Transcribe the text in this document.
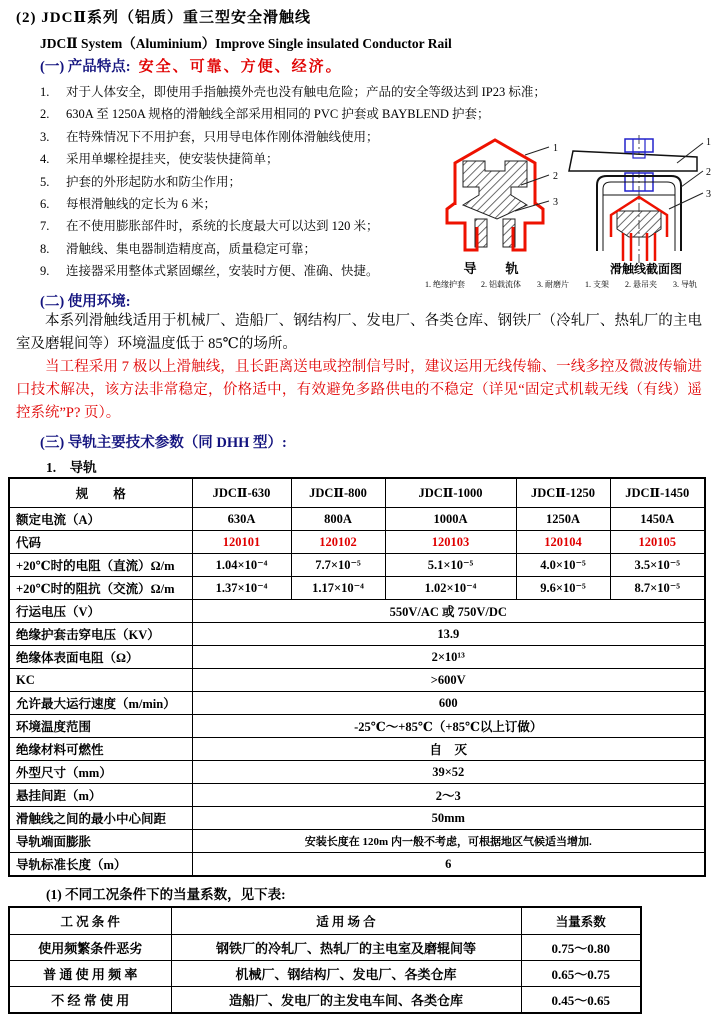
(2) JDCⅡ系列（铝质）重三型安全滑触线
JDCⅡ System（Aluminium）Improve Single insulated Conductor Rail
(一) 产品特点: 安全、可靠、方便、经济。
1.	对于人体安全，即使用手指触摸外壳也没有触电危险；产品的安全等级达到 IP23 标准；
2.	630A 至 1250A 规格的滑触线全部采用相同的 PVC 护套或 BAYBLEND 护套；
3.	在特殊情况下不用护套，只用导电体作刚体滑触线使用；
4.	采用单螺栓提挂夹，使安装快捷简单；
5.	护套的外形起防水和防尘作用；
6.	每根滑触线的定长为 6 米；
7.	在不使用膨胀部件时，系统的长度最大可以达到 120 米；
8.	滑触线、集电器制造精度高，质量稳定可靠；
9.	连接器采用整体式紧固螺丝，安装时方便、准确、快捷。
1
2
3
1
2
3
导　轨	滑触线截面图
1. 绝缘护套　　2. 铝载流体　　3. 耐磨片 1. 支架　　2. 悬吊夹　　3. 导轨
(二) 使用环境:
本系列滑触线适用于机械厂、造船厂、钢结构厂、发电厂、各类仓库、钢铁厂（冷轧厂、热轧厂的主电室及磨辊间等）环境温度低于 85℃的场所。
当工程采用 7 极以上滑触线，且长距离送电或控制信号时，建议运用无线传输、一线多控及微波传输进口技术解决，该方法非常稳定，价格适中，有效避免多路供电的不稳定（详见“固定式机载无线（有线）遥控系统”P? 页）。
(三) 导轨主要技术参数（同 DHH 型）:
1.　导轨
规　　格	JDCⅡ-630	JDCⅡ-800	JDCⅡ-1000	JDCⅡ-1250	JDCⅡ-1450
额定电流（A）	630A	800A	1000A	1250A	1450A
代码	120101	120102	120103	120104	120105
+20℃时的电阻（直流）Ω/m	1.04×10⁻⁴	7.7×10⁻⁵	5.1×10⁻⁵	4.0×10⁻⁵	3.5×10⁻⁵
+20℃时的阻抗（交流）Ω/m	1.37×10⁻⁴	1.17×10⁻⁴	1.02×10⁻⁴	9.6×10⁻⁵	8.7×10⁻⁵
行运电压（V）	550V/AC 或 750V/DC				
绝缘护套击穿电压（KV）	13.9				
绝缘体表面电阻（Ω）	2×10¹³				
KC	>600V				
允许最大运行速度（m/min）	600				
环境温度范围	-25℃～+85℃（+85℃以上订做）				
绝缘材料可燃性	自　灭				
外型尺寸（mm）	39×52				
悬挂间距（m）	2～3				
滑触线之间的最小中心间距	50mm				
导轨端面膨胀	安装长度在 120m 内一般不考虑，可根据地区气候适当增加.				
导轨标准长度（m）	6				
(1) 不同工况条件下的当量系数，见下表:
工 况 条 件	适 用 场 合	当量系数
使用频繁条件恶劣	钢铁厂的冷轧厂、热轧厂的主电室及磨辊间等	0.75～0.80
普 通 使 用 频 率	机械厂、钢结构厂、发电厂、各类仓库	0.65～0.75
不 经 常 使 用	造船厂、发电厂的主发电车间、各类仓库	0.45～0.65
